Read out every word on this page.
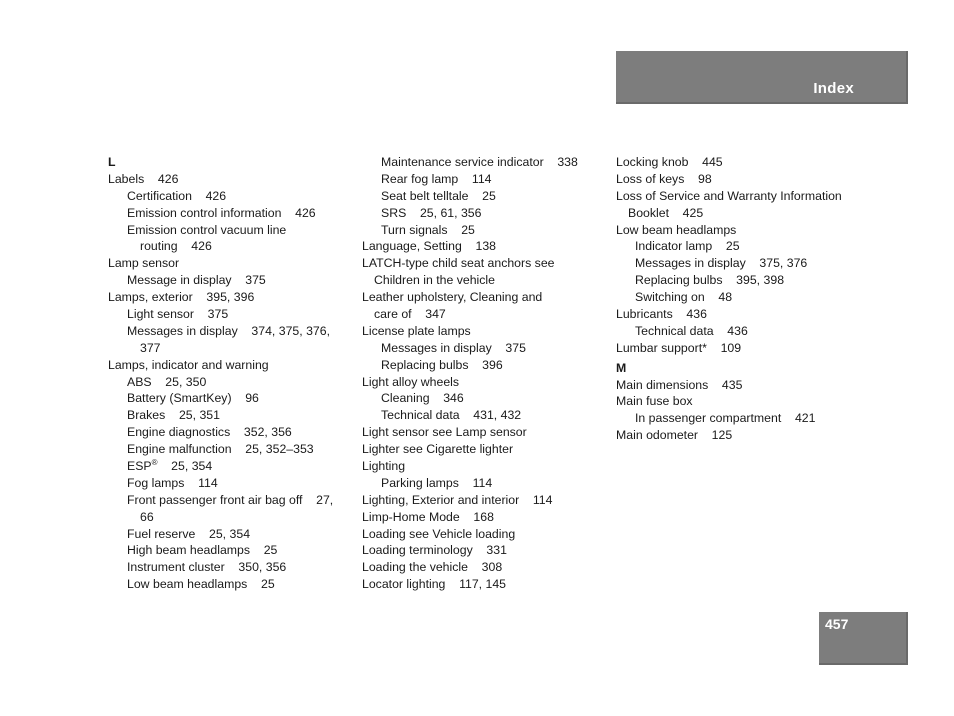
Index
L
Labels    426
Certification    426
Emission control information    426
Emission control vacuum line
routing    426
Lamp sensor
Message in display    375
Lamps, exterior    395, 396
Light sensor    375
Messages in display    374, 375, 376,
377
Lamps, indicator and warning
ABS    25, 350
Battery (SmartKey)    96
Brakes    25, 351
Engine diagnostics    352, 356
Engine malfunction    25, 352–353
ESP®    25, 354
Fog lamps    114
Front passenger front air bag off    27,
66
Fuel reserve    25, 354
High beam headlamps    25
Instrument cluster    350, 356
Low beam headlamps    25
Maintenance service indicator    338
Rear fog lamp    114
Seat belt telltale    25
SRS    25, 61, 356
Turn signals    25
Language, Setting    138
LATCH-type child seat anchors see
Children in the vehicle
Leather upholstery, Cleaning and
care of    347
License plate lamps
Messages in display    375
Replacing bulbs    396
Light alloy wheels
Cleaning    346
Technical data    431, 432
Light sensor see Lamp sensor
Lighter see Cigarette lighter
Lighting
Parking lamps    114
Lighting, Exterior and interior    114
Limp-Home Mode    168
Loading see Vehicle loading
Loading terminology    331
Loading the vehicle    308
Locator lighting    117, 145
Locking knob    445
Loss of keys    98
Loss of Service and Warranty Information
Booklet    425
Low beam headlamps
Indicator lamp    25
Messages in display    375, 376
Replacing bulbs    395, 398
Switching on    48
Lubricants    436
Technical data    436
Lumbar support*    109
M
Main dimensions    435
Main fuse box
In passenger compartment    421
Main odometer    125
457
